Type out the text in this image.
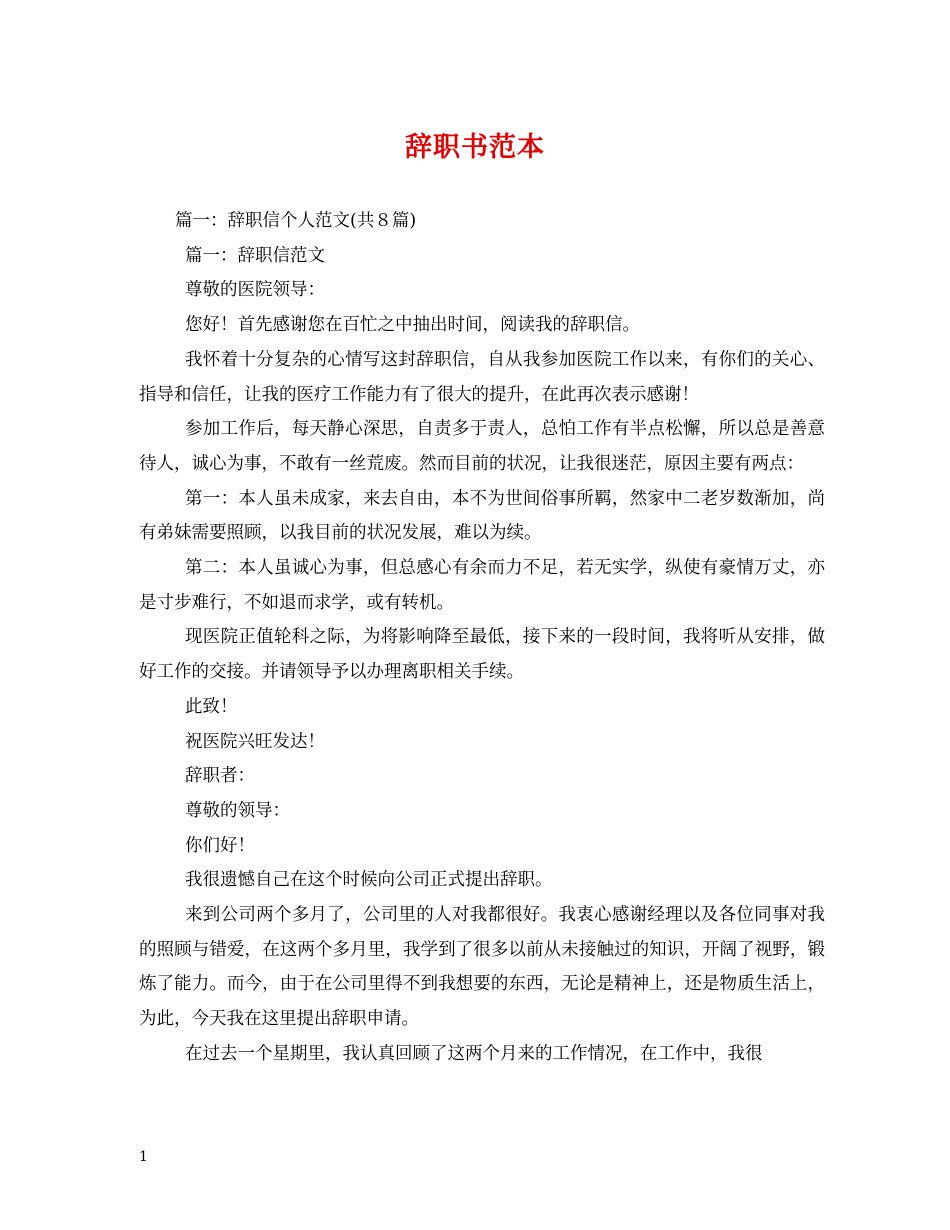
辞职书范本

篇一：辞职信个人范文(共８篇)

篇一：辞职信范文

尊敬的医院领导：

您好！首先感谢您在百忙之中抽出时间，阅读我的辞职信。

我怀着十分复杂的心情写这封辞职信，自从我参加医院工作以来，有你们的关心、指导和信任，让我的医疗工作能力有了很大的提升，在此再次表示感谢！

参加工作后，每天静心深思，自责多于责人，总怕工作有半点松懈，所以总是善意待人，诚心为事，不敢有一丝荒废。然而目前的状况，让我很迷茫，原因主要有两点：

第一：本人虽未成家，来去自由，本不为世间俗事所羁，然家中二老岁数渐加，尚有弟妹需要照顾，以我目前的状况发展，难以为续。

第二：本人虽诚心为事，但总感心有余而力不足，若无实学，纵使有豪情万丈，亦是寸步难行，不如退而求学，或有转机。

现医院正值轮科之际，为将影响降至最低，接下来的一段时间，我将听从安排，做好工作的交接。并请领导予以办理离职相关手续。

此致！

祝医院兴旺发达！

辞职者：

尊敬的领导：

你们好！

我很遗憾自己在这个时候向公司正式提出辞职。

来到公司两个多月了，公司里的人对我都很好。我衷心感谢经理以及各位同事对我的照顾与错爱，在这两个多月里，我学到了很多以前从未接触过的知识，开阔了视野，锻炼了能力。而今，由于在公司里得不到我想要的东西，无论是精神上，还是物质生活上，为此，今天我在这里提出辞职申请。

在过去一个星期里，我认真回顾了这两个月来的工作情况，在工作中，我很

1
